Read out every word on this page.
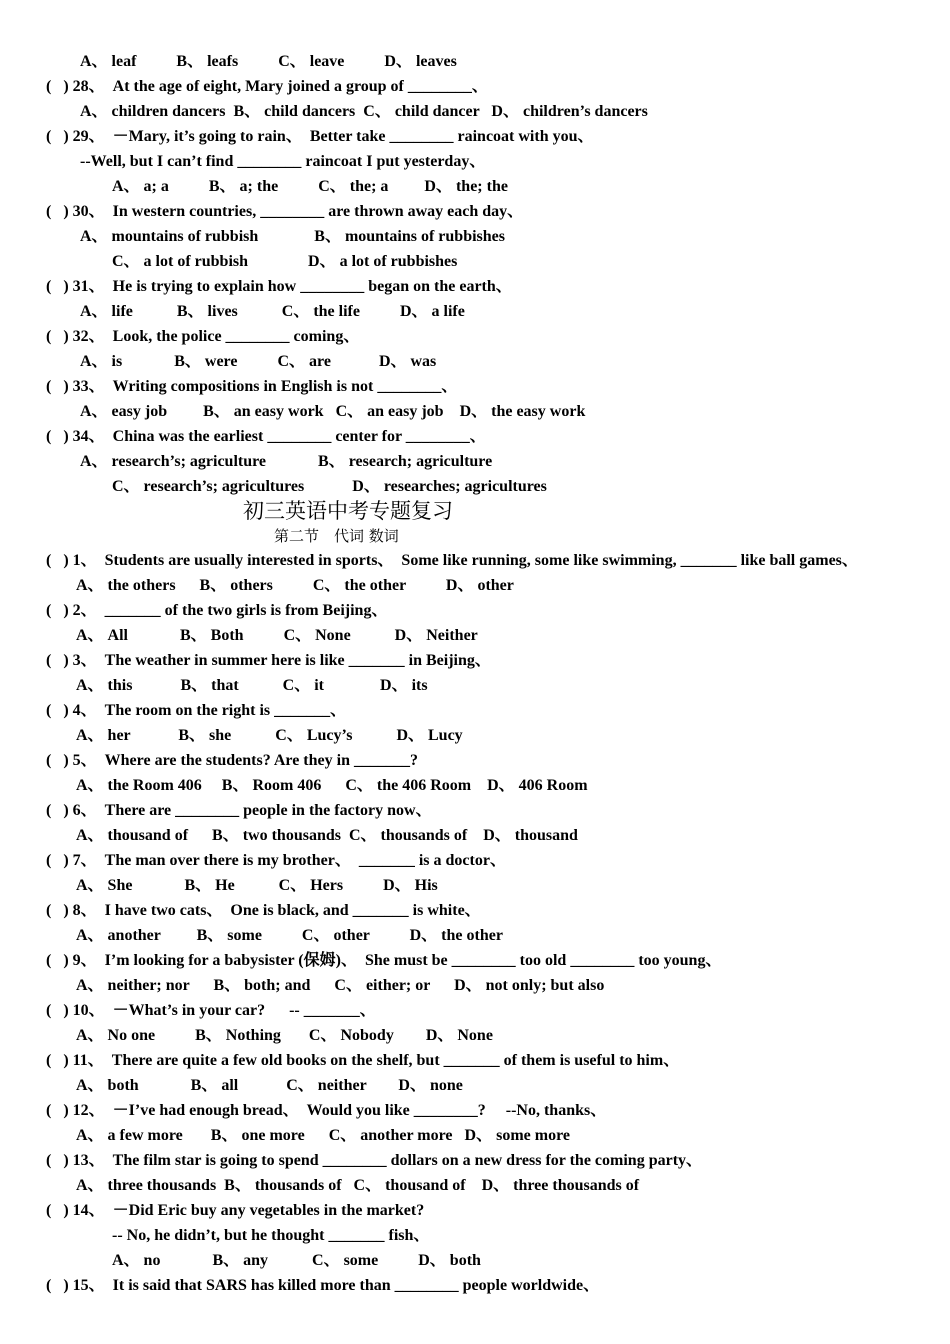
A、 leaf          B、 leafs          C、 leave          D、 leaves
(   ) 28、  At the age of eight, Mary joined a group of ________、
A、 children dancers  B、 child dancers  C、 child dancer   D、 children’s dancers
(   ) 29、  －Mary, it’s going to rain、  Better take ________ raincoat with you、
--Well, but I can’t find ________ raincoat I put yesterday、
A、 a; a          B、 a; the          C、 the; a         D、 the; the
(   ) 30、  In western countries, ________ are thrown away each day、
A、 mountains of rubbish              B、 mountains of rubbishes
C、 a lot of rubbish               D、 a lot of rubbishes
(   ) 31、  He is trying to explain how ________ began on the earth、
A、 life           B、 lives           C、 the life          D、 a life
(   ) 32、  Look, the police ________ coming、
A、 is             B、 were          C、 are            D、 was
(   ) 33、  Writing compositions in English is not ________、
A、 easy job         B、 an easy work   C、 an easy job    D、 the easy work
(   ) 34、  China was the earliest ________ center for ________、
A、 research’s; agriculture             B、 research; agriculture
C、 research’s; agricultures            D、 researches; agricultures
初三英语中考专题复习
第二节　代词 数词
(   ) 1、  Students are usually interested in sports、  Some like running, some like swimming, _______ like ball games、
A、 the others      B、 others          C、 the other          D、 other
(   ) 2、  _______ of the two girls is from Beijing、
A、 All             B、 Both          C、 None           D、 Neither
(   ) 3、  The weather in summer here is like _______ in Beijing、
A、 this            B、 that           C、 it              D、 its
(   ) 4、  The room on the right is _______、
A、 her            B、 she           C、 Lucy’s           D、 Lucy
(   ) 5、  Where are the students? Are they in _______?
A、 the Room 406     B、 Room 406      C、 the 406 Room    D、 406 Room
(   ) 6、  There are ________ people in the factory now、
A、 thousand of      B、 two thousands  C、 thousands of    D、 thousand
(   ) 7、  The man over there is my brother、  _______ is a doctor、
A、 She             B、 He           C、 Hers          D、 His
(   ) 8、  I have two cats、  One is black, and _______ is white、
A、 another         B、 some          C、 other          D、 the other
(   ) 9、  I’m looking for a babysister (保姆)、  She must be ________ too old ________ too young、
A、 neither; nor      B、 both; and      C、 either; or      D、 not only; but also
(   ) 10、  －What’s in your car?      -- _______、
A、 No one          B、 Nothing       C、 Nobody        D、 None
(   ) 11、  There are quite a few old books on the shelf, but _______ of them is useful to him、
A、 both             B、 all            C、 neither        D、 none
(   ) 12、  －I’ve had enough bread、  Would you like ________?     --No, thanks、
A、 a few more       B、 one more      C、 another more   D、 some more
(   ) 13、  The film star is going to spend ________ dollars on a new dress for the coming party、
A、 three thousands  B、 thousands of   C、 thousand of    D、 three thousands of
(   ) 14、  －Did Eric buy any vegetables in the market?
-- No, he didn’t, but he thought _______ fish、
A、 no             B、 any           C、 some          D、 both
(   ) 15、  It is said that SARS has killed more than ________ people worldwide、
